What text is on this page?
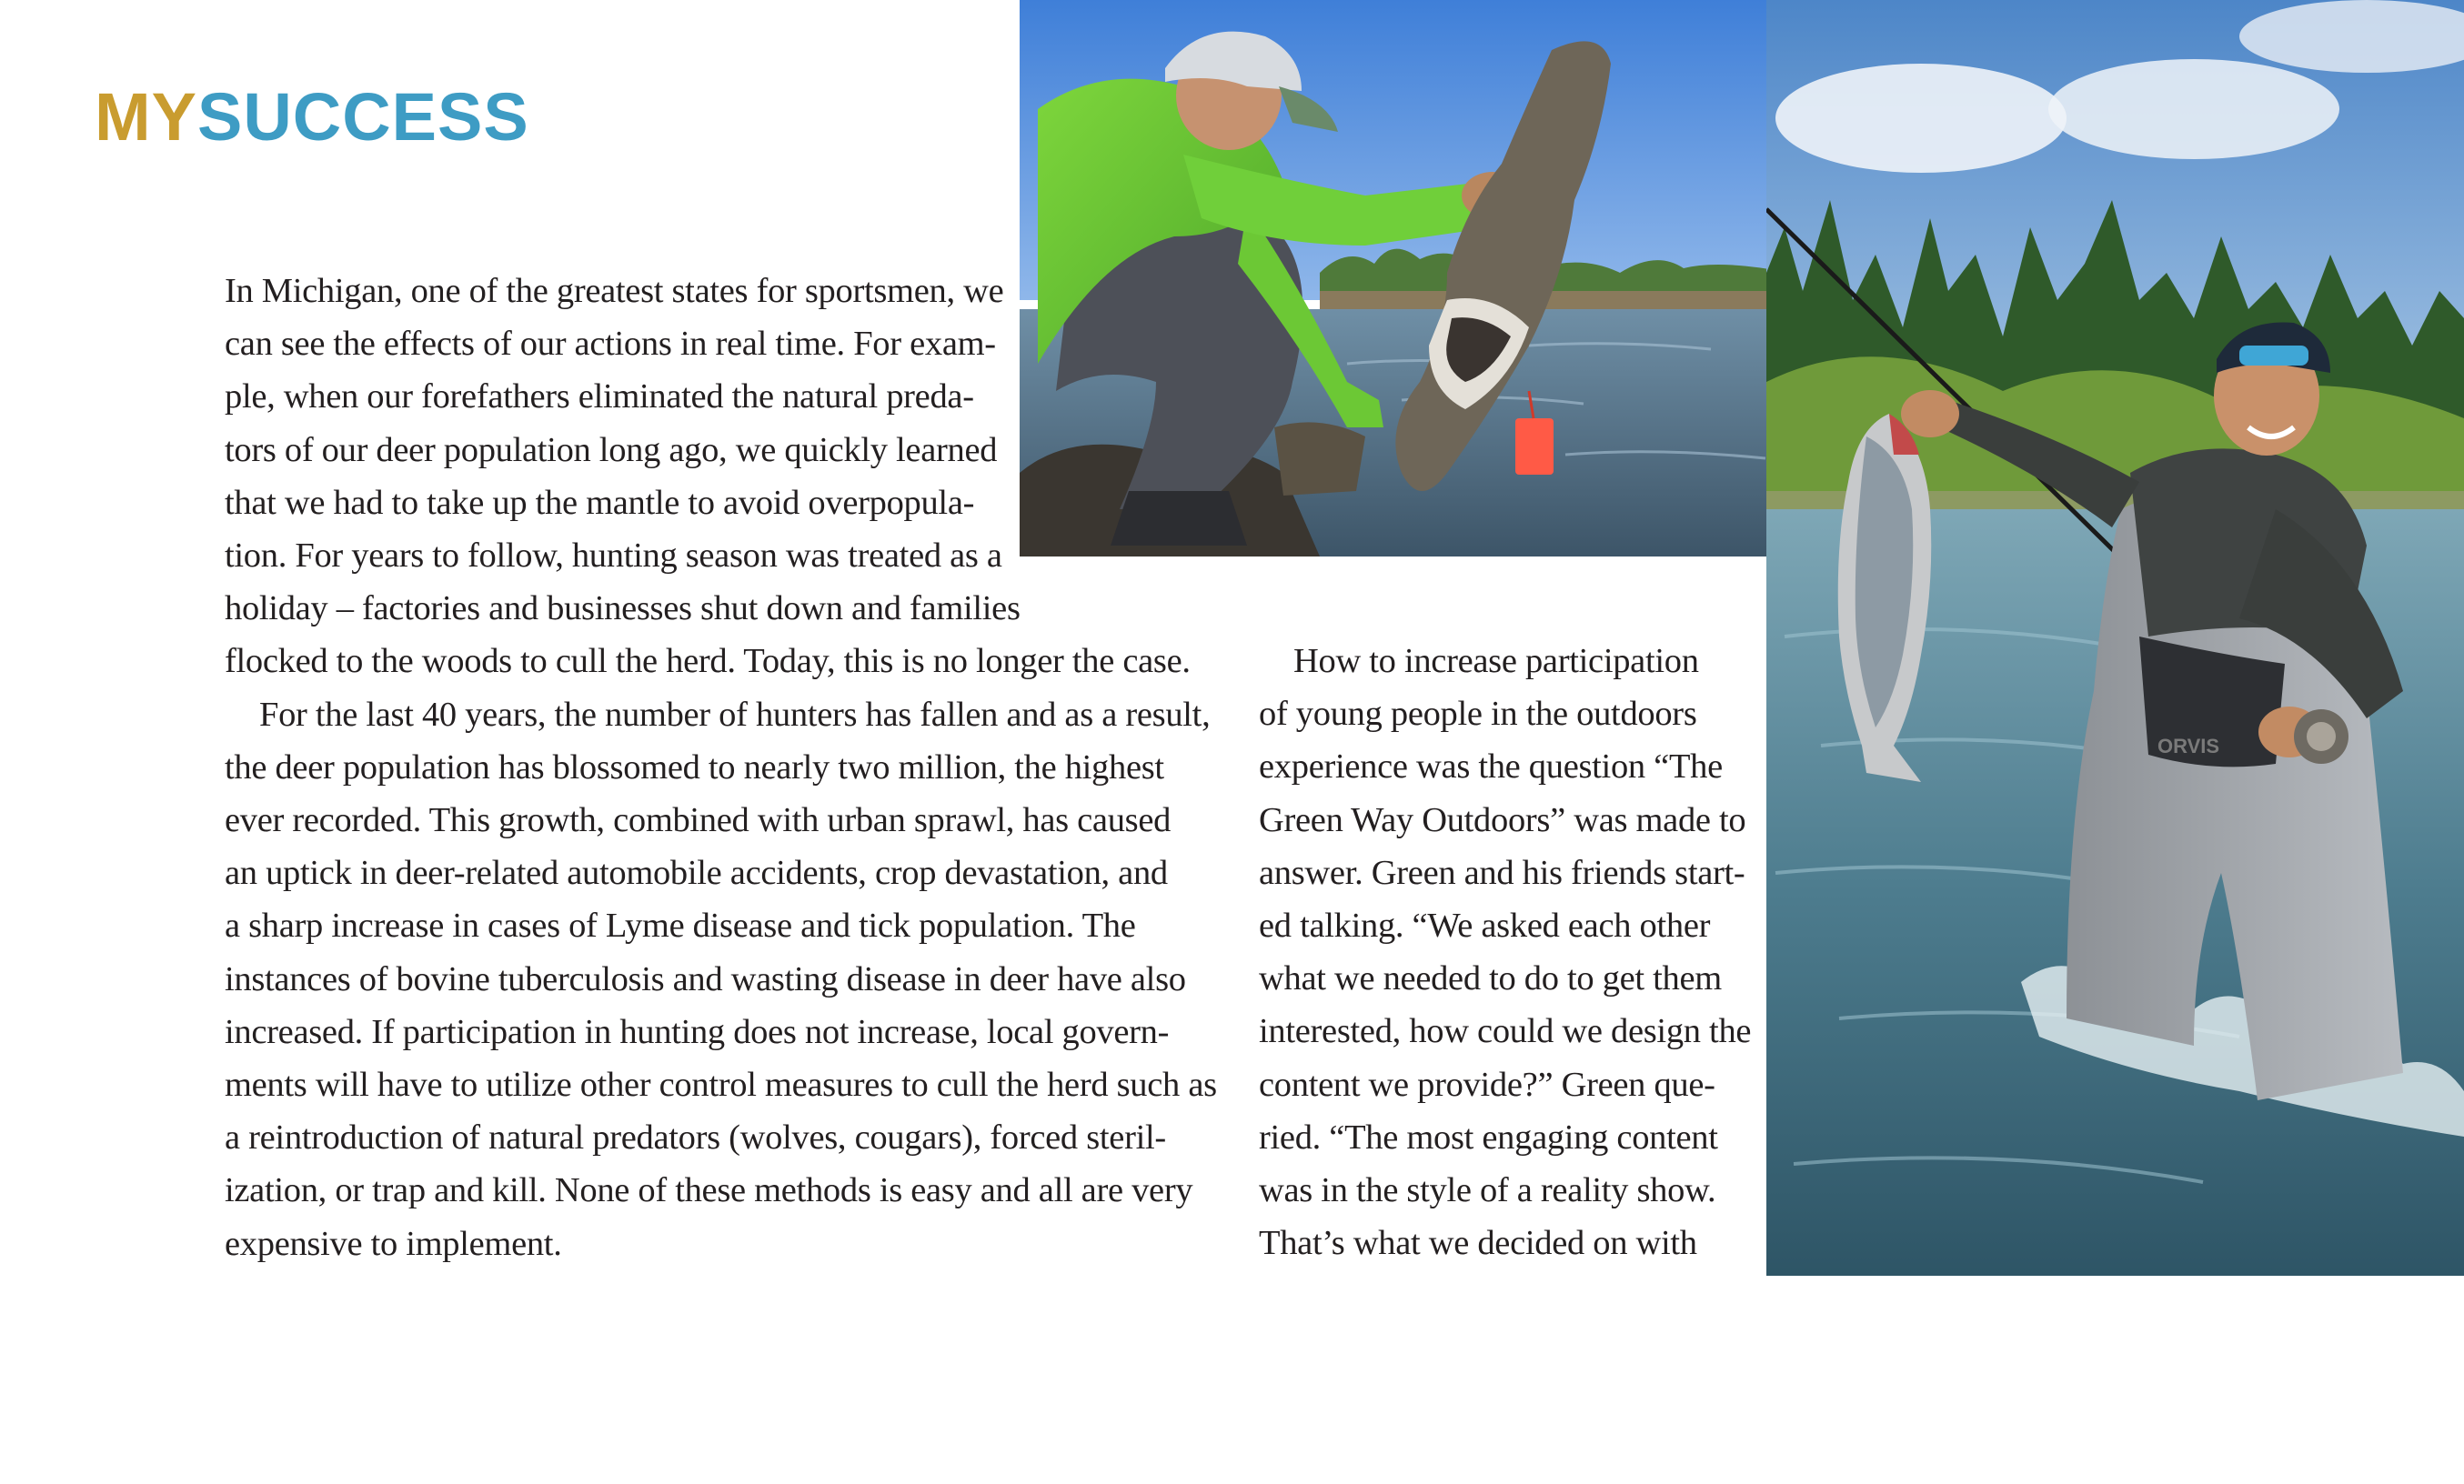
MYSUCCESS
ORVIS
In Michigan, one of the greatest states for sportsmen, we
can see the effects of our actions in real time. For exam-
ple, when our forefathers eliminated the natural preda-
tors of our deer population long ago, we quickly learned
that we had to take up the mantle to avoid overpopula-
tion. For years to follow, hunting season was treated as a
holiday – factories and businesses shut down and families
flocked to the woods to cull the herd. Today, this is no longer the case.
For the last 40 years, the number of hunters has fallen and as a result,
the deer population has blossomed to nearly two million, the highest
ever recorded. This growth, combined with urban sprawl, has caused
an uptick in deer-related automobile accidents, crop devastation, and
a sharp increase in cases of Lyme disease and tick population. The
instances of bovine tuberculosis and wasting disease in deer have also
increased. If participation in hunting does not increase, local govern-
ments will have to utilize other control measures to cull the herd such as
a reintroduction of natural predators (wolves, cougars), forced steril-
ization, or trap and kill. None of these methods is easy and all are very
expensive to implement.
How to increase participation
of young people in the outdoors
experience was the question “The
Green Way Outdoors” was made to
answer. Green and his friends start-
ed talking. “We asked each other
what we needed to do to get them
interested, how could we design the
content we provide?” Green que-
ried. “The most engaging content
was in the style of a reality show.
That’s what we decided on with
